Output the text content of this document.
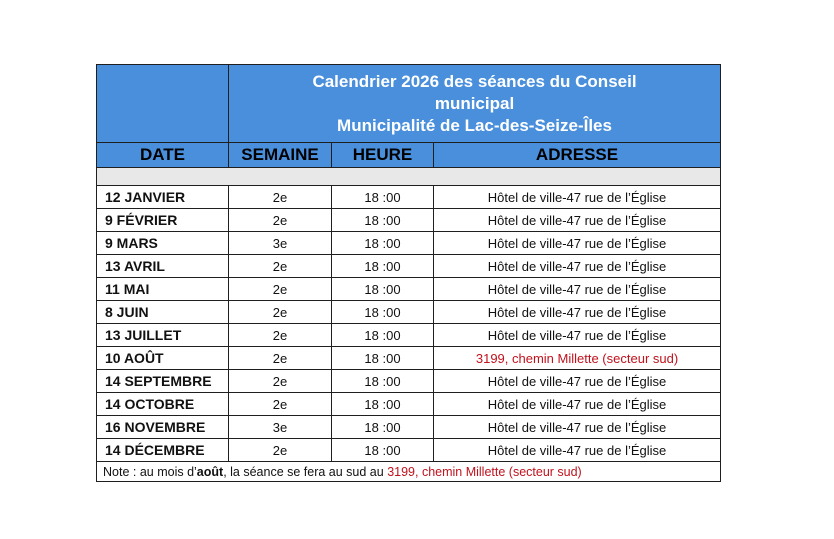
	Calendrier 2026 des séances du Conseil
municipal
Municipalité de Lac-des-Seize-Îles		

DATE	SEMAINE	HEURE	ADRESSE

12 JANVIER	2e	18 :00	Hôtel de ville-47 rue de l’Église
9 FÉVRIER	2e	18 :00	Hôtel de ville-47 rue de l’Église
9 MARS	3e	18 :00	Hôtel de ville-47 rue de l’Église
13 AVRIL	2e	18 :00	Hôtel de ville-47 rue de l’Église
11 MAI	2e	18 :00	Hôtel de ville-47 rue de l’Église
8 JUIN	2e	18 :00	Hôtel de ville-47 rue de l’Église
13 JUILLET	2e	18 :00	Hôtel de ville-47 rue de l’Église
10 AOÛT	2e	18 :00	3199, chemin Millette (secteur sud)
14 SEPTEMBRE	2e	18 :00	Hôtel de ville-47 rue de l’Église
14 OCTOBRE	2e	18 :00	Hôtel de ville-47 rue de l’Église
16 NOVEMBRE	3e	18 :00	Hôtel de ville-47 rue de l’Église
14 DÉCEMBRE	2e	18 :00	Hôtel de ville-47 rue de l’Église
Note : au mois d’août, la séance se fera au sud au 3199, chemin Millette (secteur sud)			
